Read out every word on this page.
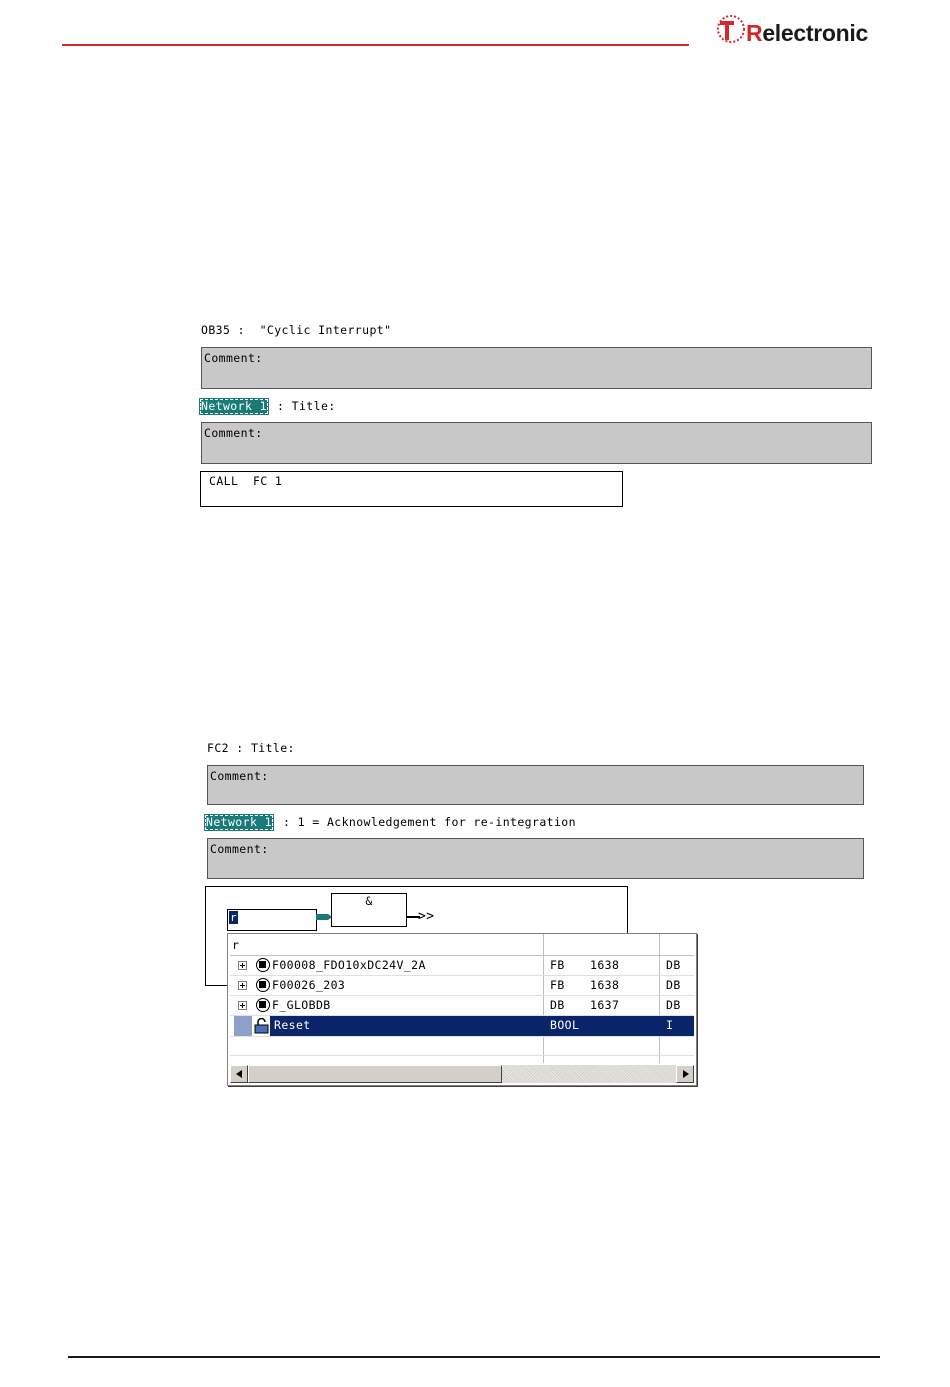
Relectronic
OB35 :  "Cyclic Interrupt"
Comment:
Network 1 : Title:
Comment:
CALL  FC 1
FC2 : Title:
Comment:
Network 1 : 1 = Acknowledgement for re-integration
Comment:
r
&
>>
r
F00008_FDO10xDC24V_2A	FB 1638	DB
F00026_203	FB 1638	DB
F_GLOBDB	DB 1637	DB
Reset	BOOL	I
